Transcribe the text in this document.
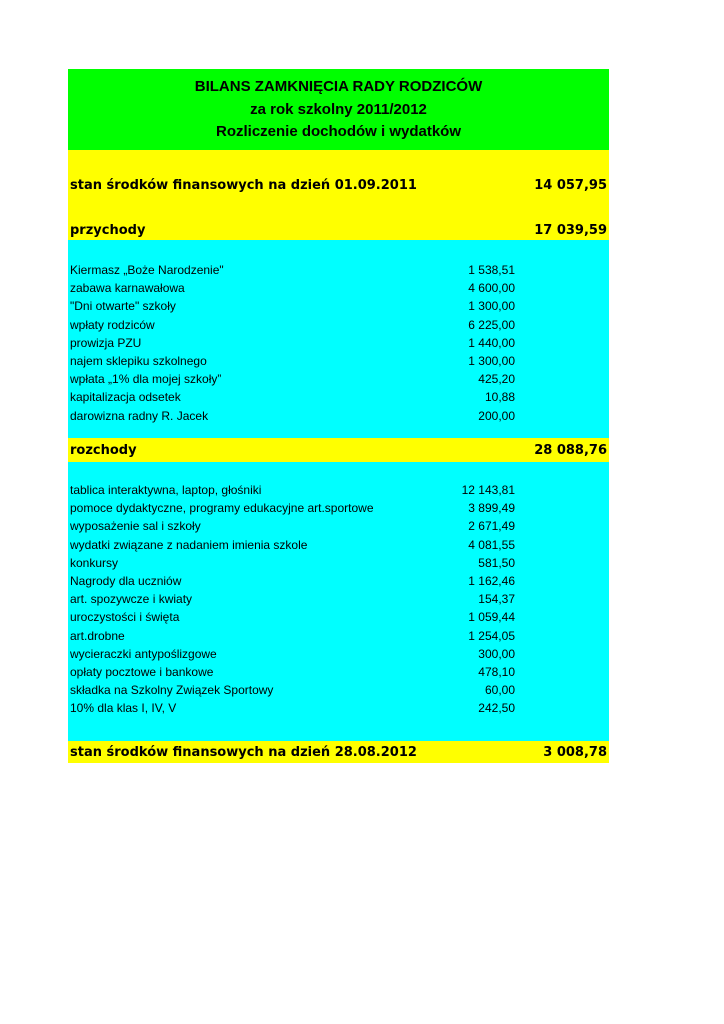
BILANS ZAMKNIĘCIA RADY RODZICÓW
za rok szkolny 2011/2012
Rozliczenie dochodów i wydatków
stan środków finansowych na dzień 01.09.2011	14 057,95
przychody	17 039,59
Kiermasz „Boże Narodzenie"	1 538,51
zabawa karnawałowa	4 600,00
"Dni otwarte" szkoły	1 300,00
wpłaty rodziców	6 225,00
prowizja PZU	1 440,00
najem sklepiku szkolnego	1 300,00
wpłata „1% dla mojej szkoły”	425,20
kapitalizacja odsetek	10,88
darowizna radny R. Jacek	200,00
rozchody	28 088,76
tablica interaktywna, laptop, głośniki	12 143,81
pomoce dydaktyczne, programy edukacyjne art.sportowe	3 899,49
wyposażenie sal i szkoły	2 671,49
wydatki związane z nadaniem imienia szkole	4 081,55
konkursy	581,50
Nagrody dla uczniów	1 162,46
art. spozywcze i kwiaty	154,37
uroczystości i święta	1 059,44
art.drobne	1 254,05
wycieraczki antypoślizgowe	300,00
opłaty pocztowe i bankowe	478,10
składka na Szkolny Związek Sportowy	60,00
10% dla klas I, IV, V	242,50
stan środków finansowych na dzień 28.08.2012	3 008,78
